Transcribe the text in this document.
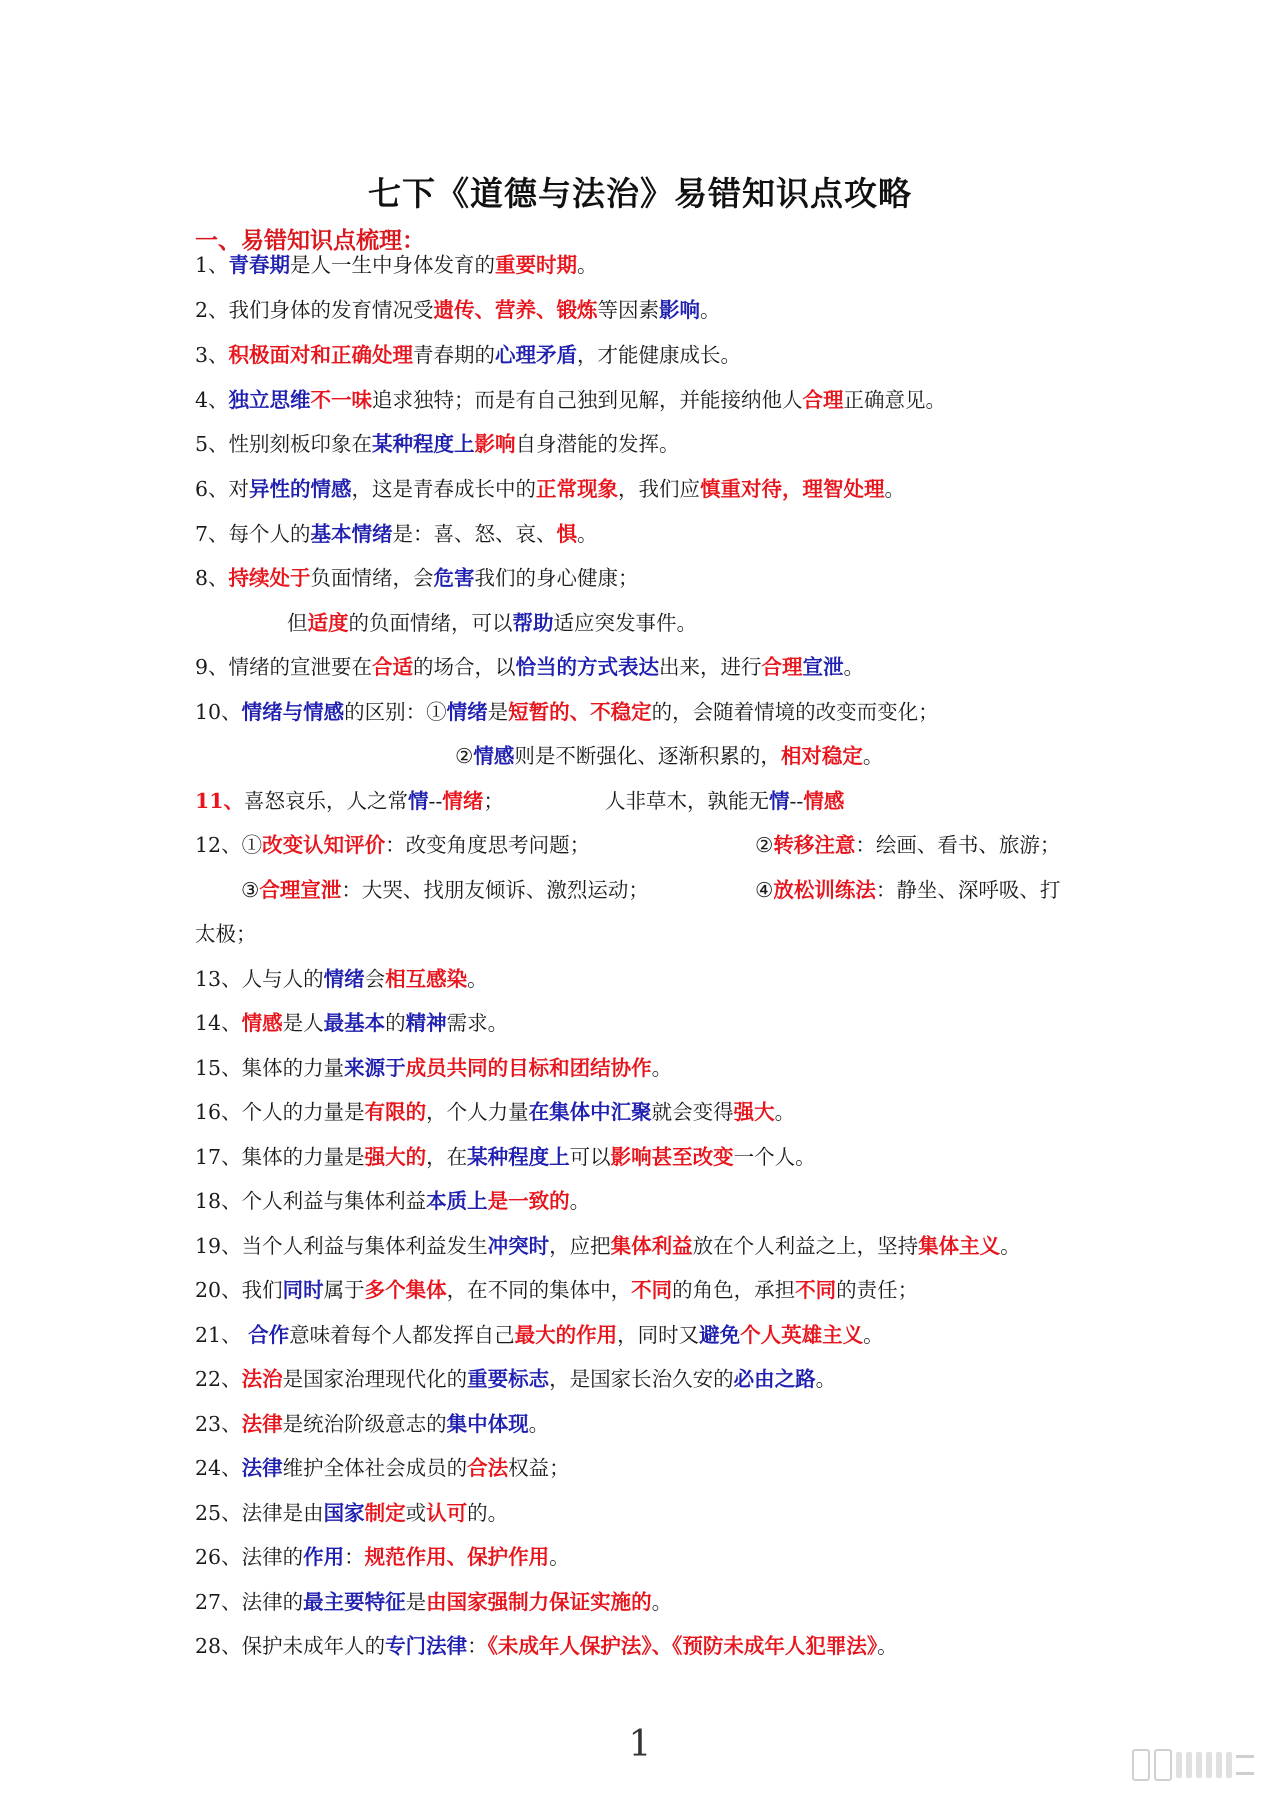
七下《道德与法治》易错知识点攻略
一、易错知识点梳理：
1、青春期是人一生中身体发育的重要时期。
2、我们身体的发育情况受遗传、营养、锻炼等因素影响。
3、积极面对和正确处理青春期的心理矛盾，才能健康成长。
4、独立思维不一味追求独特；而是有自己独到见解，并能接纳他人合理正确意见。
5、性别刻板印象在某种程度上影响自身潜能的发挥。
6、对异性的情感，这是青春成长中的正常现象，我们应慎重对待，理智处理。
7、每个人的基本情绪是：喜、怒、哀、惧。
8、持续处于负面情绪，会危害我们的身心健康；
但适度的负面情绪，可以帮助适应突发事件。
9、情绪的宣泄要在合适的场合，以恰当的方式表达出来，进行合理宣泄。
10、情绪与情感的区别：①情绪是短暂的、不稳定的，会随着情境的改变而变化；
②情感则是不断强化、逐渐积累的，相对稳定。
11、喜怒哀乐，人之常情--情绪；	人非草木，孰能无情--情感
12、①改变认知评价：改变角度思考问题；	②转移注意：绘画、看书、旅游；
③合理宣泄：大哭、找朋友倾诉、激烈运动；	④放松训练法：静坐、深呼吸、打
太极；
13、人与人的情绪会相互感染。
14、情感是人最基本的精神需求。
15、集体的力量来源于成员共同的目标和团结协作。
16、个人的力量是有限的，个人力量在集体中汇聚就会变得强大。
17、集体的力量是强大的，在某种程度上可以影响甚至改变一个人。
18、个人利益与集体利益本质上是一致的。
19、当个人利益与集体利益发生冲突时，应把集体利益放在个人利益之上，坚持集体主义。
20、我们同时属于多个集体，在不同的集体中，不同的角色，承担不同的责任；
21、 合作意味着每个人都发挥自己最大的作用，同时又避免个人英雄主义。
22、法治是国家治理现代化的重要标志，是国家长治久安的必由之路。
23、法律是统治阶级意志的集中体现。
24、法律维护全体社会成员的合法权益；
25、法律是由国家制定或认可的。
26、法律的作用：规范作用、保护作用。
27、法律的最主要特征是由国家强制力保证实施的。
28、保护未成年人的专门法律：《未成年人保护法》、《预防未成年人犯罪法》。
1
